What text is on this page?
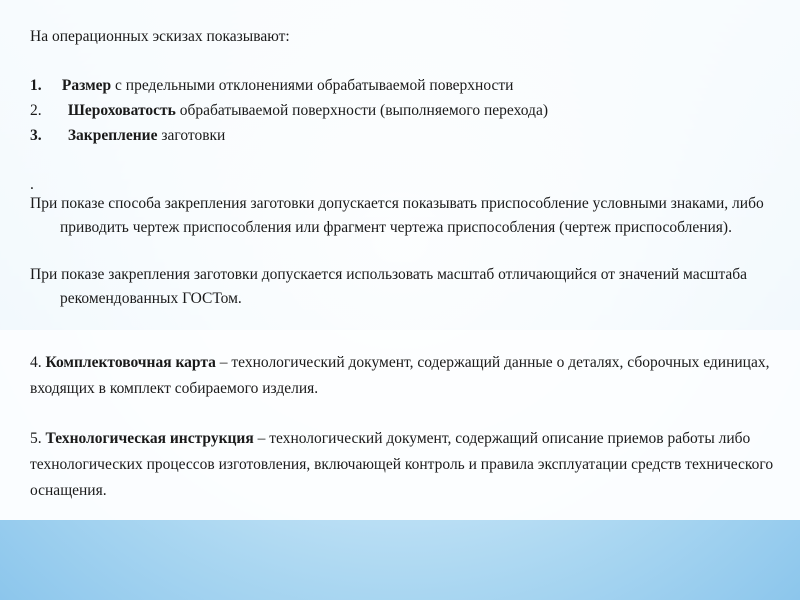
На операционных эскизах показывают:

1. Размер с предельными отклонениями обрабатываемой поверхности
2. Шероховатость обрабатываемой поверхности (выполняемого перехода)
3. Закрепление заготовки

.

При показе способа закрепления заготовки допускается показывать приспособление условными знаками, либо приводить чертеж приспособления или фрагмент чертежа приспособления (чертеж приспособления).

При показе закрепления заготовки допускается использовать масштаб отличающийся от значений масштаба рекомендованных ГОСТом.

4. Комплектовочная карта – технологический документ, содержащий данные о деталях, сборочных единицах, входящих в комплект собираемого изделия.

5. Технологическая инструкция – технологический документ, содержащий описание приемов работы либо технологических процессов изготовления, включающей контроль и правила эксплуатации средств технического оснащения.
